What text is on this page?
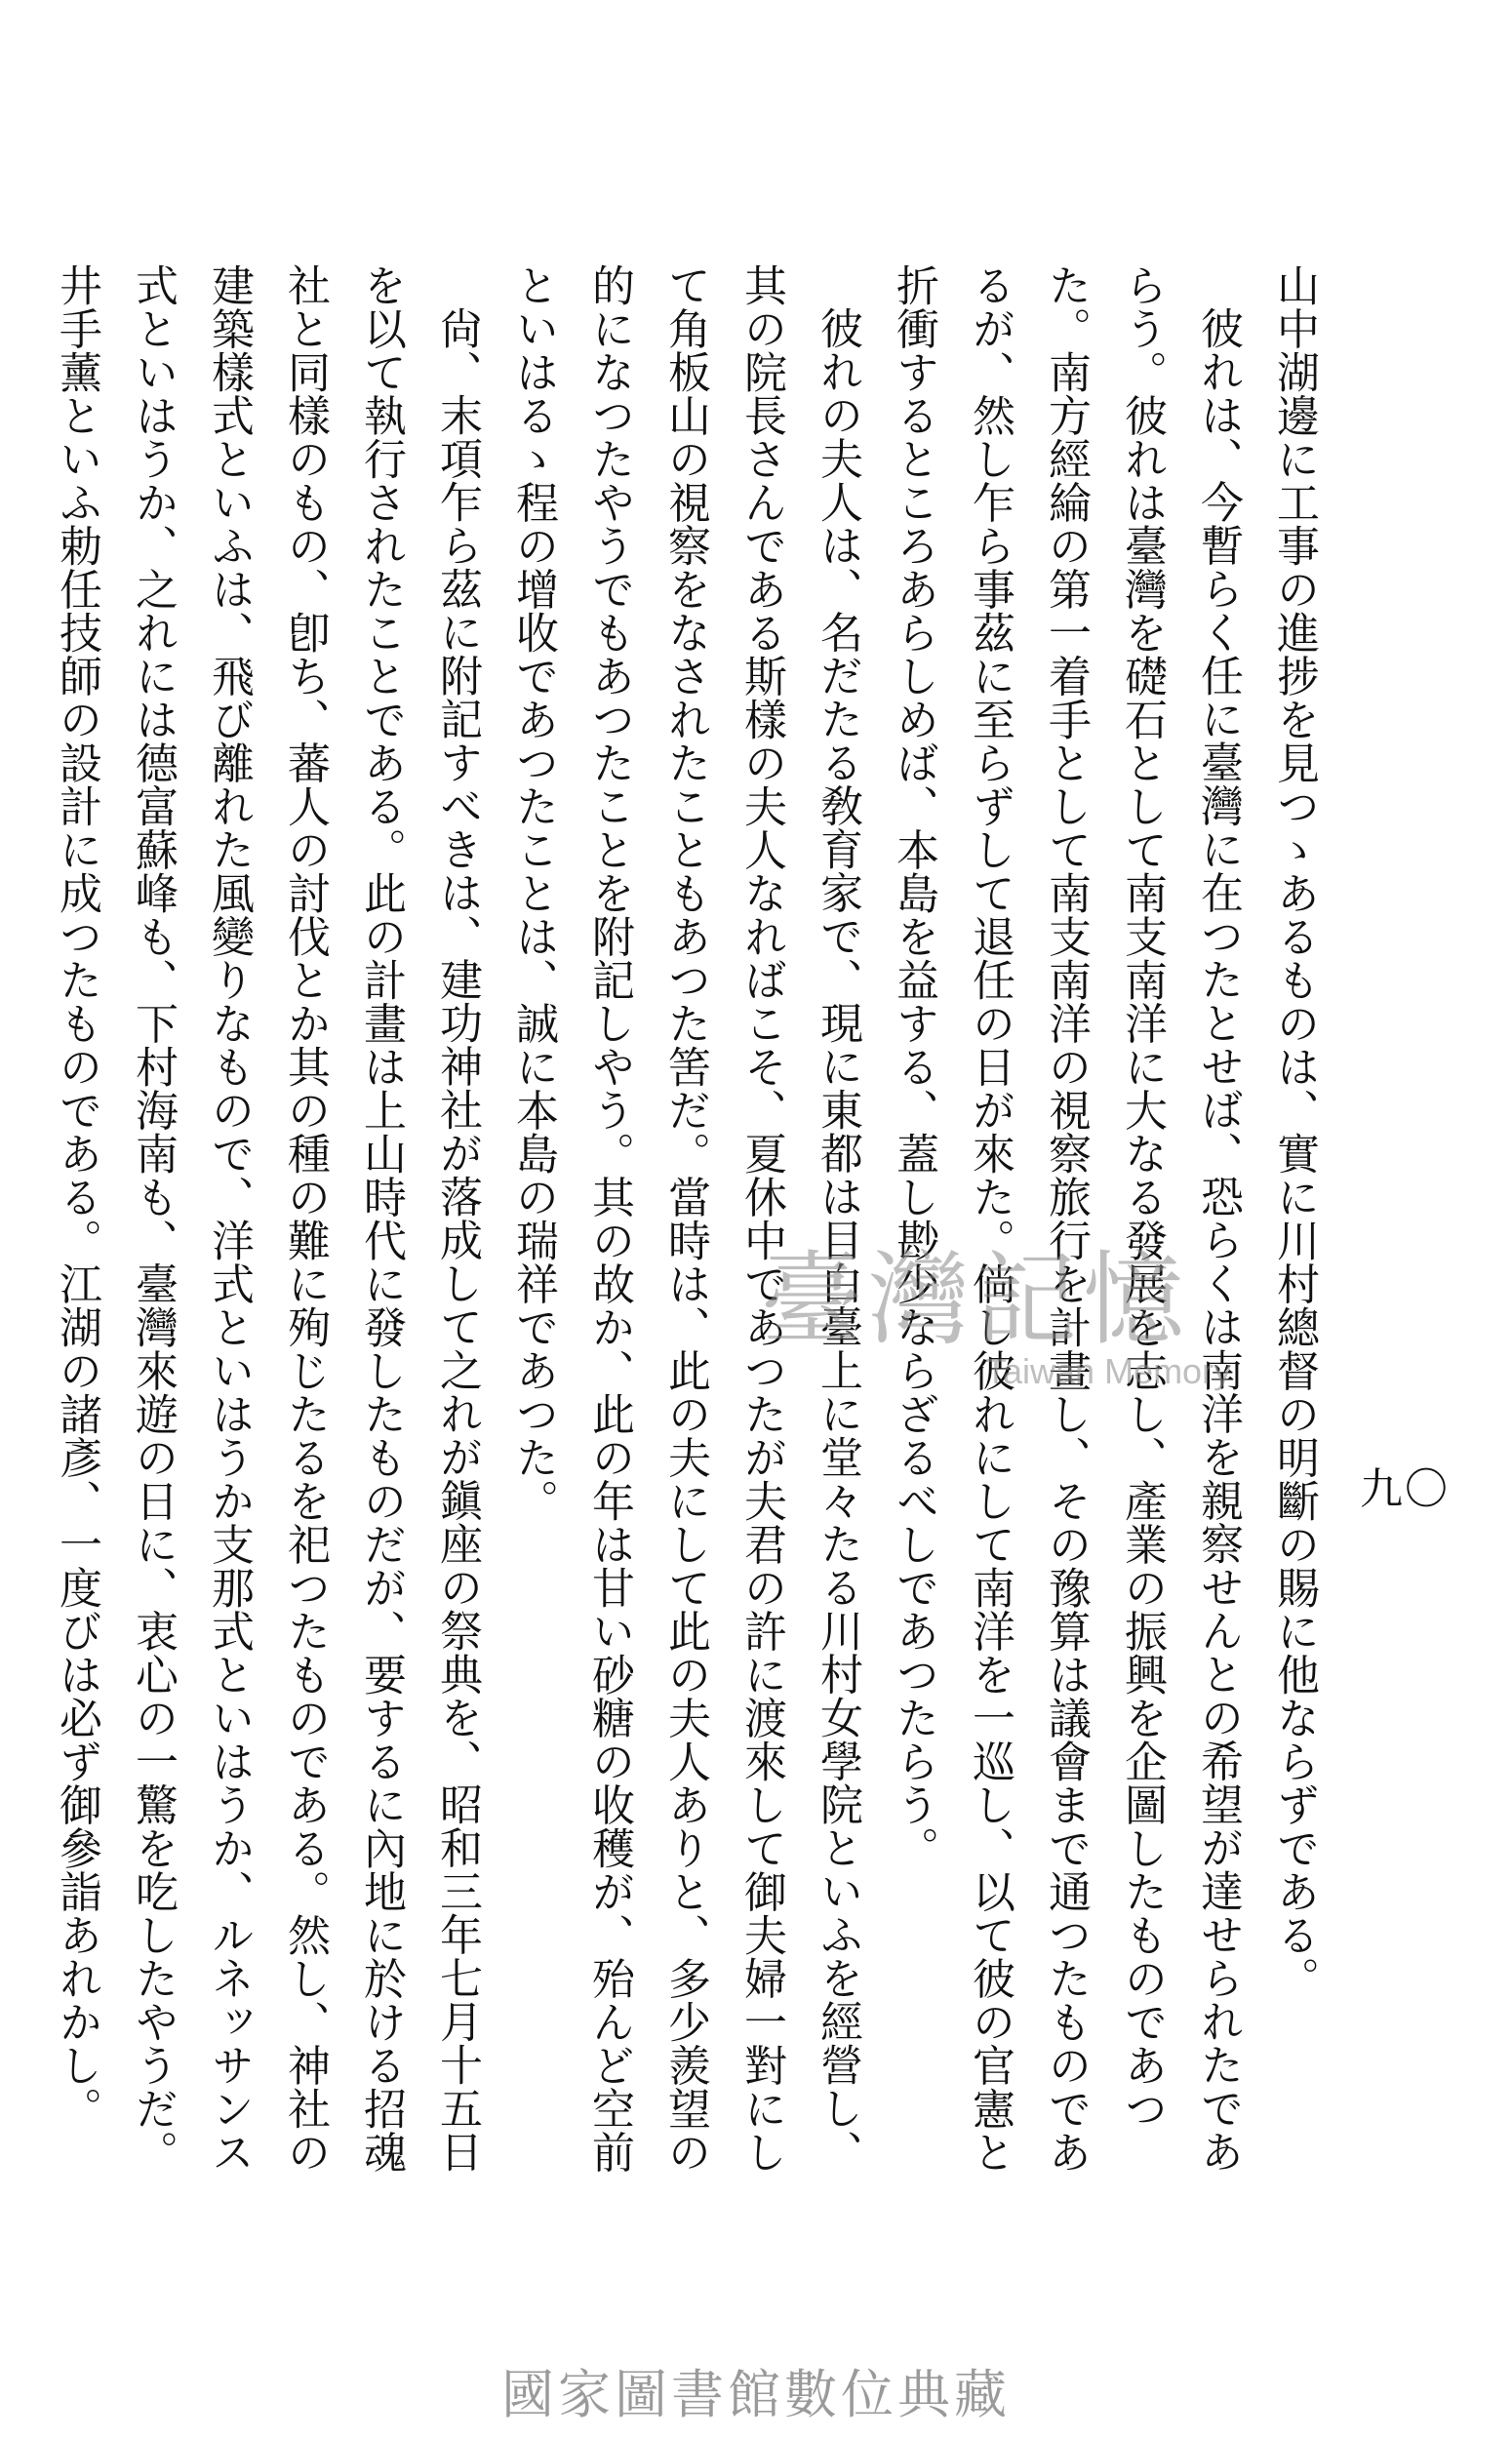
九〇

山中湖邊に工事の進捗を見つゝあるものは、實に川村總督の明斷の賜に他ならずである。

彼れは、今暫らく任に臺灣に在つたとせば、恐らくは南洋を親察せんとの希望が達せられたであらう。彼れは臺灣を礎石として南支南洋に大なる發展を志し、產業の振興を企圖したものであつた。南方經綸の第一着手として南支南洋の視察旅行を計畫し、その豫算は議會まで通つたものであるが、然し乍ら事茲に至らずして退任の日が來た。倘し彼れにして南洋を一巡し、以て彼の官憲と折衝するところあらしめば、本島を益する、蓋し尠少ならざるべしであつたらう。

彼れの夫人は、名だたる敎育家で、現に東都は目白臺上に堂々たる川村女學院といふを經營し、其の院長さんである斯樣の夫人なればこそ、夏休中であつたが夫君の許に渡來して御夫婦一對にして角板山の視察をなされたこともあつた筈だ。當時は、此の夫にして此の夫人ありと、多少羨望の的になつたやうでもあつたことを附記しやう。其の故か、此の年は甘い砂糖の收穫が、殆んど空前といはるゝ程の增收であつたことは、誠に本島の瑞祥であつた。

尙、末項乍ら茲に附記すべきは、建功神社が落成して之れが鎭座の祭典を、昭和三年七月十五日を以て執行されたことである。此の計畫は上山時代に發したものだが、要するに內地に於ける招魂社と同樣のもの、卽ち、蕃人の討伐とか其の種の難に殉じたるを祀つたものである。然し、神社の建築樣式といふは、飛び離れた風變りなもので、洋式といはうか支那式といはうか、ルネッサンス式といはうか、之れには德富蘇峰も、下村海南も、臺灣來遊の日に、衷心の一驚を吃したやうだ。井手薰といふ勅任技師の設計に成つたものである。江湖の諸彥、一度びは必ず御參詣あれかし。	臺灣記憶
Taiwan Memory
國家圖書館數位典藏
